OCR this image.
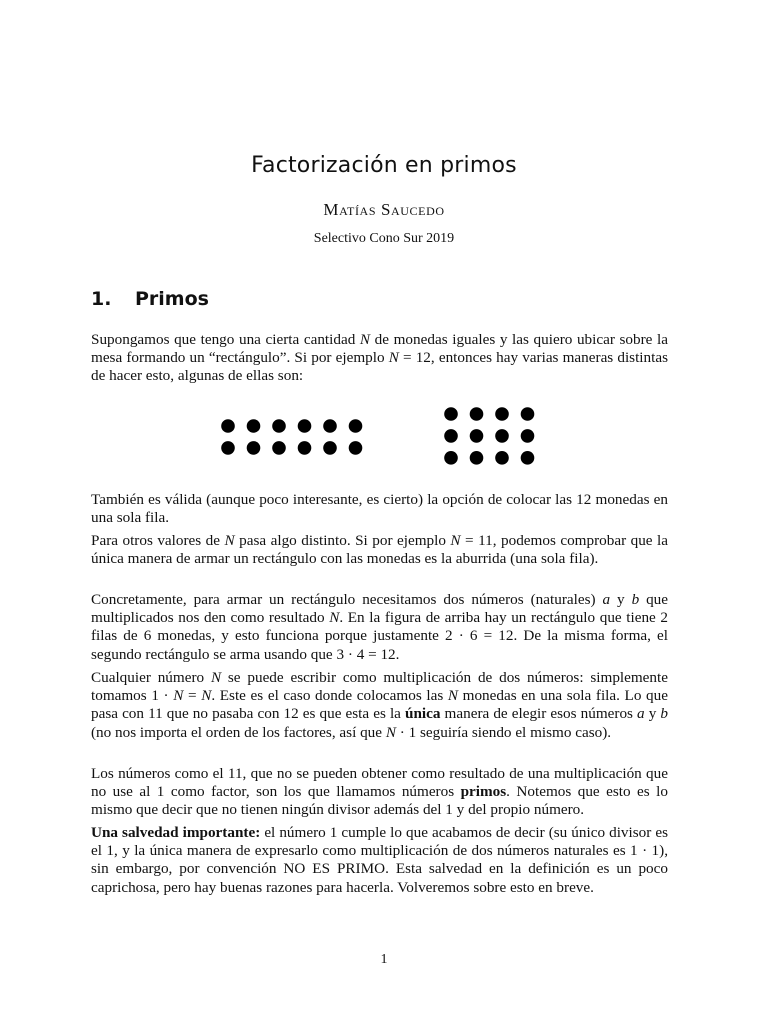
Factorización en primos
Matías Saucedo
Selectivo Cono Sur 2019
1. Primos

Supongamos que tengo una cierta cantidad N de monedas iguales y las quiero ubicar sobre la mesa formando un “rectángulo”. Si por ejemplo N = 12, entonces hay varias maneras distintas de hacer esto, algunas de ellas son:

También es válida (aunque poco interesante, es cierto) la opción de colocar las 12 monedas en una sola fila.

Para otros valores de N pasa algo distinto. Si por ejemplo N = 11, podemos comprobar que la única manera de armar un rectángulo con las monedas es la aburrida (una sola fila).

Concretamente, para armar un rectángulo necesitamos dos números (naturales) a y b que multiplicados nos den como resultado N. En la figura de arriba hay un rectángulo que tiene 2 filas de 6 monedas, y esto funciona porque justamente 2 · 6 = 12. De la misma forma, el segundo rectángulo se arma usando que 3 · 4 = 12.

Cualquier número N se puede escribir como multiplicación de dos números: simplemente tomamos 1 · N = N. Este es el caso donde colocamos las N monedas en una sola fila. Lo que pasa con 11 que no pasaba con 12 es que esta es la única manera de elegir esos números a y b (no nos importa el orden de los factores, así que N · 1 seguiría siendo el mismo caso).

Los números como el 11, que no se pueden obtener como resultado de una multiplicación que no use al 1 como factor, son los que llamamos números primos. Notemos que esto es lo mismo que decir que no tienen ningún divisor además del 1 y del propio número.

Una salvedad importante: el número 1 cumple lo que acabamos de decir (su único divisor es el 1, y la única manera de expresarlo como multiplicación de dos números naturales es 1 · 1), sin embargo, por convención NO ES PRIMO. Esta salvedad en la definición es un poco caprichosa, pero hay buenas razones para hacerla. Volveremos sobre esto en breve.

1
